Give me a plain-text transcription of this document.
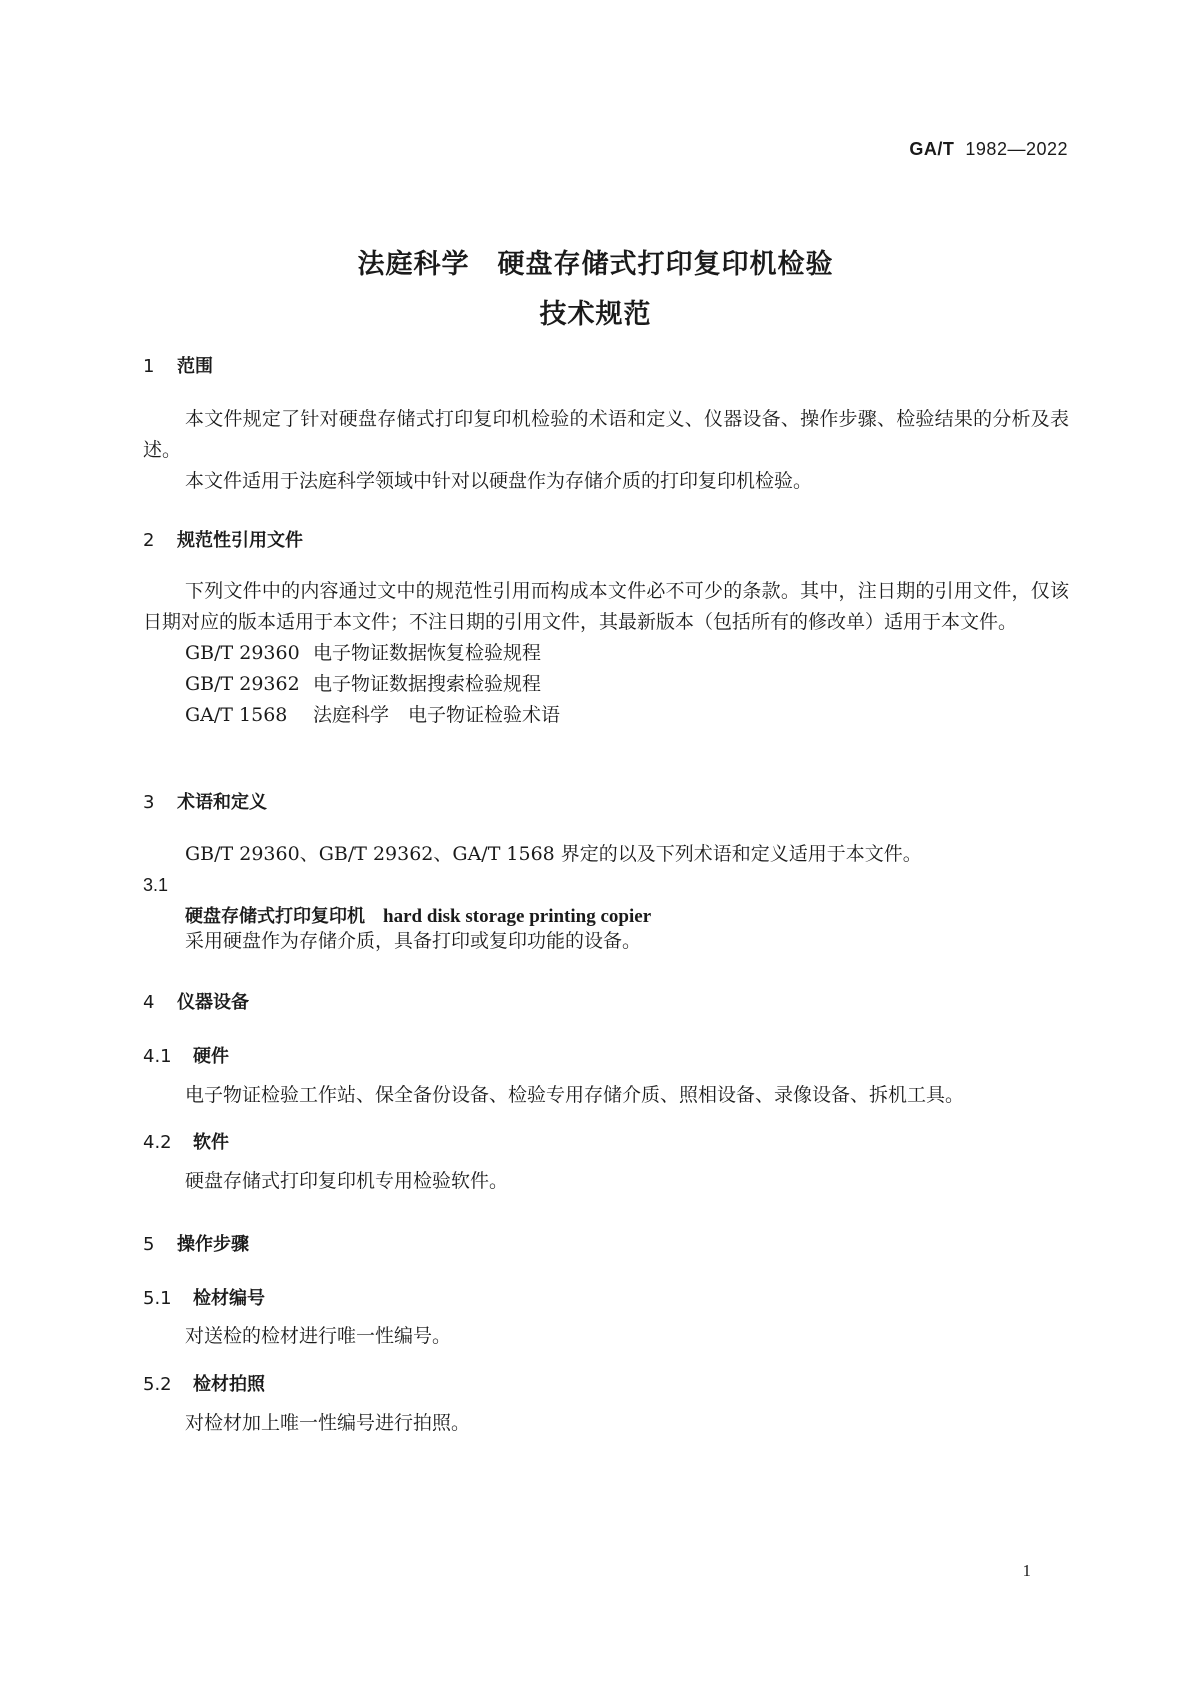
GA/T 1982—2022
法庭科学　硬盘存储式打印复印机检验
技术规范
1 范围

本文件规定了针对硬盘存储式打印复印机检验的术语和定义、仪器设备、操作步骤、检验结果的分析及表述。

本文件适用于法庭科学领域中针对以硬盘作为存储介质的打印复印机检验。

2 规范性引用文件

下列文件中的内容通过文中的规范性引用而构成本文件必不可少的条款。其中，注日期的引用文件，仅该日期对应的版本适用于本文件；不注日期的引用文件，其最新版本（包括所有的修改单）适用于本文件。

GB/T 29360 电子物证数据恢复检验规程

GB/T 29362 电子物证数据搜索检验规程

GA/T 1568 法庭科学　电子物证检验术语

3 术语和定义

GB/T 29360、GB/T 29362、GA/T 1568 界定的以及下列术语和定义适用于本文件。

3.1
硬盘存储式打印复印机 hard disk storage printing copier

采用硬盘作为存储介质，具备打印或复印功能的设备。

4 仪器设备
4.1 硬件

电子物证检验工作站、保全备份设备、检验专用存储介质、照相设备、录像设备、拆机工具。

4.2 软件

硬盘存储式打印复印机专用检验软件。

5 操作步骤
5.1 检材编号

对送检的检材进行唯一性编号。

5.2 检材拍照

对检材加上唯一性编号进行拍照。

1
